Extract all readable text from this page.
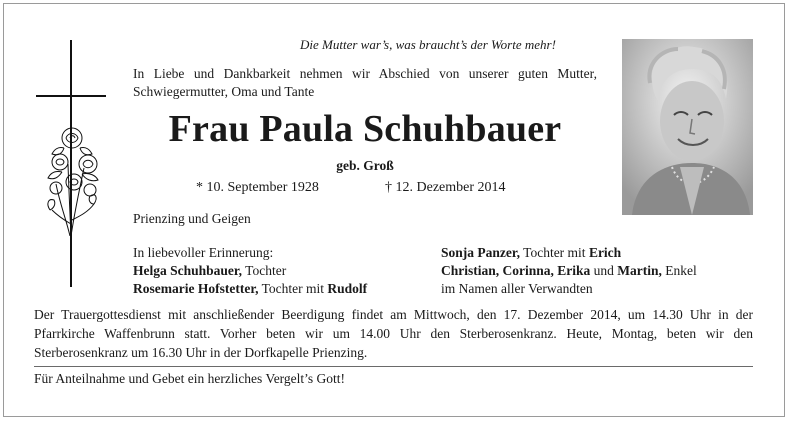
Die Mutter war’s, was braucht’s der Worte mehr!
In Liebe und Dankbarkeit nehmen wir Abschied von unserer guten Mutter, Schwiegermutter, Oma und Tante
Frau Paula Schuhbauer
geb. Groß
* 10. September 1928	† 12. Dezember 2014
Prienzing und Geigen
In liebevoller Erinnerung:
Helga Schuhbauer, Tochter
Rosemarie Hofstetter, Tochter mit Rudolf
Sonja Panzer, Tochter mit Erich
Christian, Corinna, Erika und Martin, Enkel
im Namen aller Verwandten
Der Trauergottesdienst mit anschließender Beerdigung findet am Mittwoch, den 17. Dezember 2014, um 14.30 Uhr in der Pfarrkirche Waffenbrunn statt. Vorher beten wir um 14.00 Uhr den Sterberosenkranz. Heute, Montag, beten wir den Sterberosenkranz um 16.30 Uhr in der Dorfkapelle Prienzing.
Für Anteilnahme und Gebet ein herzliches Vergelt’s Gott!
